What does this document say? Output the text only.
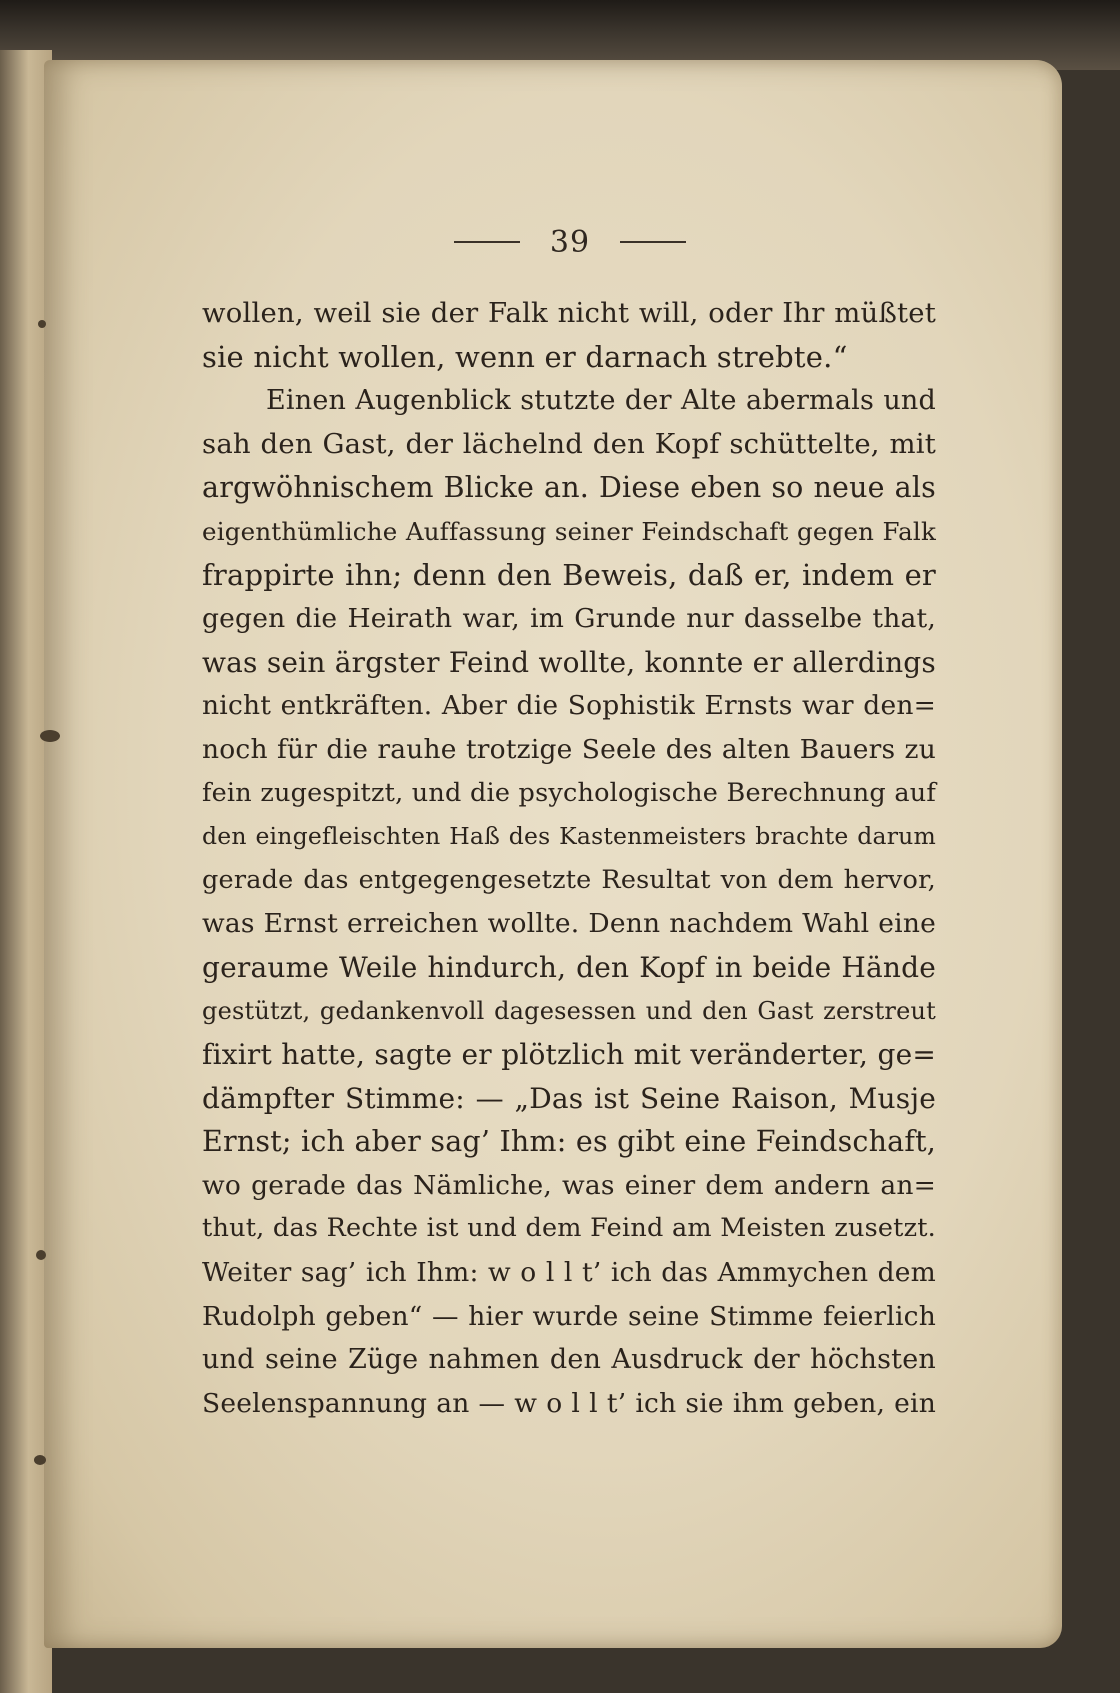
39
wollen, weil sie der Falk nicht will, oder Ihr müßtet
sie nicht wollen, wenn er darnach strebte.“
Einen Augenblick stutzte der Alte abermals und
sah den Gast, der lächelnd den Kopf schüttelte, mit
argwöhnischem Blicke an. Diese eben so neue als
eigenthümliche Auffassung seiner Feindschaft gegen Falk
frappirte ihn; denn den Beweis, daß er, indem er
gegen die Heirath war, im Grunde nur dasselbe that,
was sein ärgster Feind wollte, konnte er allerdings
nicht entkräften. Aber die Sophistik Ernsts war den=
noch für die rauhe trotzige Seele des alten Bauers zu
fein zugespitzt, und die psychologische Berechnung auf
den eingefleischten Haß des Kastenmeisters brachte darum
gerade das entgegengesetzte Resultat von dem hervor,
was Ernst erreichen wollte. Denn nachdem Wahl eine
geraume Weile hindurch, den Kopf in beide Hände
gestützt, gedankenvoll dagesessen und den Gast zerstreut
fixirt hatte, sagte er plötzlich mit veränderter, ge=
dämpfter Stimme: — „Das ist Seine Raison, Musje
Ernst; ich aber sag’ Ihm: es gibt eine Feindschaft,
wo gerade das Nämliche, was einer dem andern an=
thut, das Rechte ist und dem Feind am Meisten zusetzt.
Weiter sag’ ich Ihm: w o l l t’ ich das Ammychen dem
Rudolph geben“ — hier wurde seine Stimme feierlich
und seine Züge nahmen den Ausdruck der höchsten
Seelenspannung an — w o l l t’ ich sie ihm geben, ein
